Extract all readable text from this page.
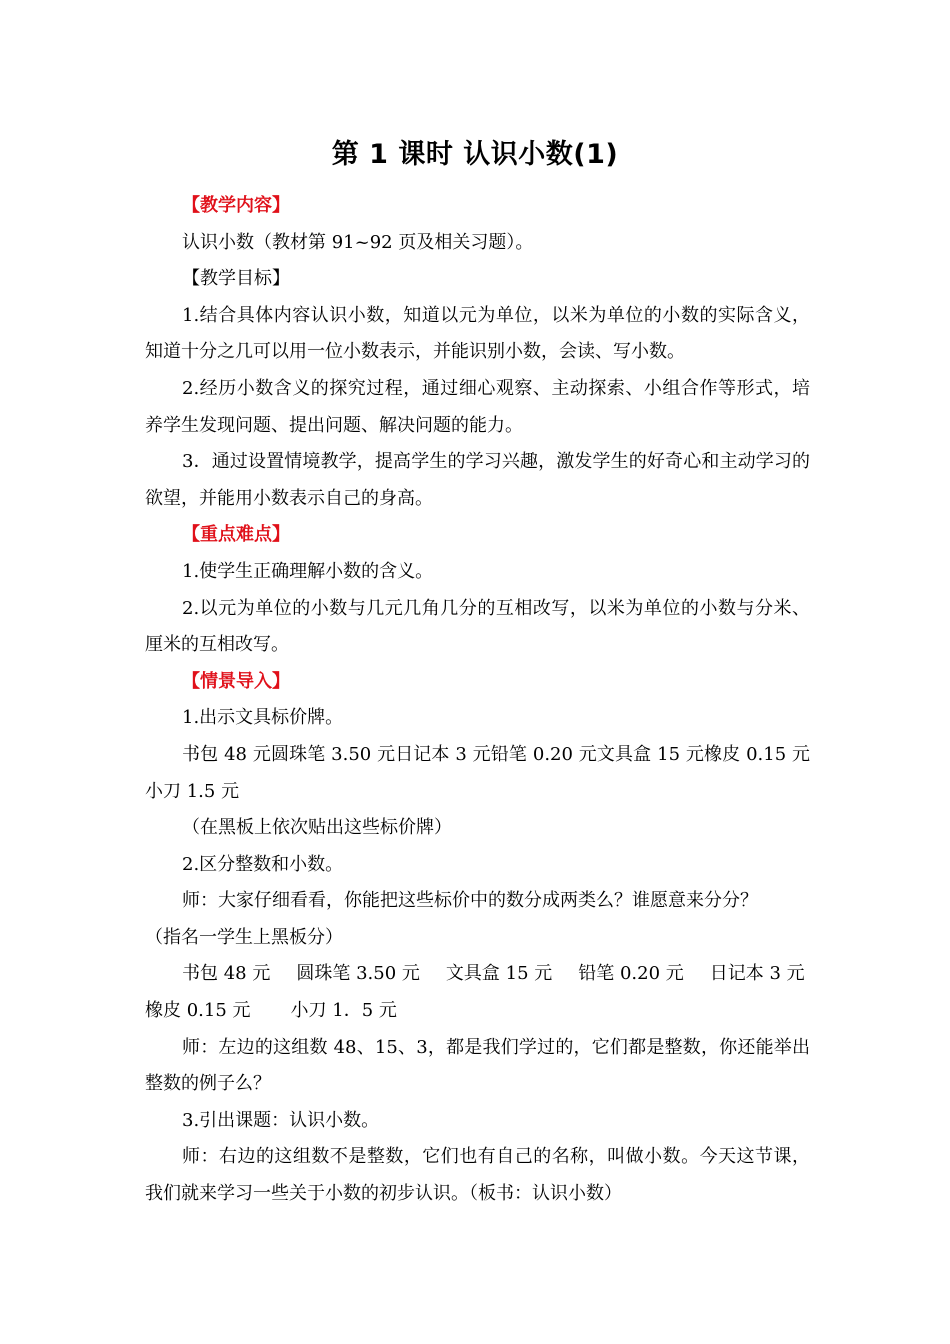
第 1 课时 认识小数(1)

【教学内容】

认识小数（教材第 91~92 页及相关习题）。

【教学目标】

1.结合具体内容认识小数，知道以元为单位，以米为单位的小数的实际含义，知道十分之几可以用一位小数表示，并能识别小数，会读、写小数。

2.经历小数含义的探究过程，通过细心观察、主动探索、小组合作等形式，培养学生发现问题、提出问题、解决问题的能力。

3．通过设置情境教学，提高学生的学习兴趣，激发学生的好奇心和主动学习的欲望，并能用小数表示自己的身高。

【重点难点】

1.使学生正确理解小数的含义。

2.以元为单位的小数与几元几角几分的互相改写，以米为单位的小数与分米、厘米的互相改写。

【情景导入】

1.出示文具标价牌。

书包 48 元圆珠笔 3.50 元日记本 3 元铅笔 0.20 元文具盒 15 元橡皮 0.15 元小刀 1.5 元

（在黑板上依次贴出这些标价牌）

2.区分整数和小数。

师：大家仔细看看，你能把这些标价中的数分成两类么？谁愿意来分分？

（指名一学生上黑板分）

书包 48 元 圆珠笔 3.50 元 文具盒 15 元 铅笔 0.20 元 日记本 3 元
橡皮 0.15 元 小刀 1．5 元

师：左边的这组数 48、15、3，都是我们学过的，它们都是整数，你还能举出整数的例子么？

3.引出课题：认识小数。

师：右边的这组数不是整数，它们也有自己的名称，叫做小数。今天这节课，我们就来学习一些关于小数的初步认识。（板书：认识小数）
